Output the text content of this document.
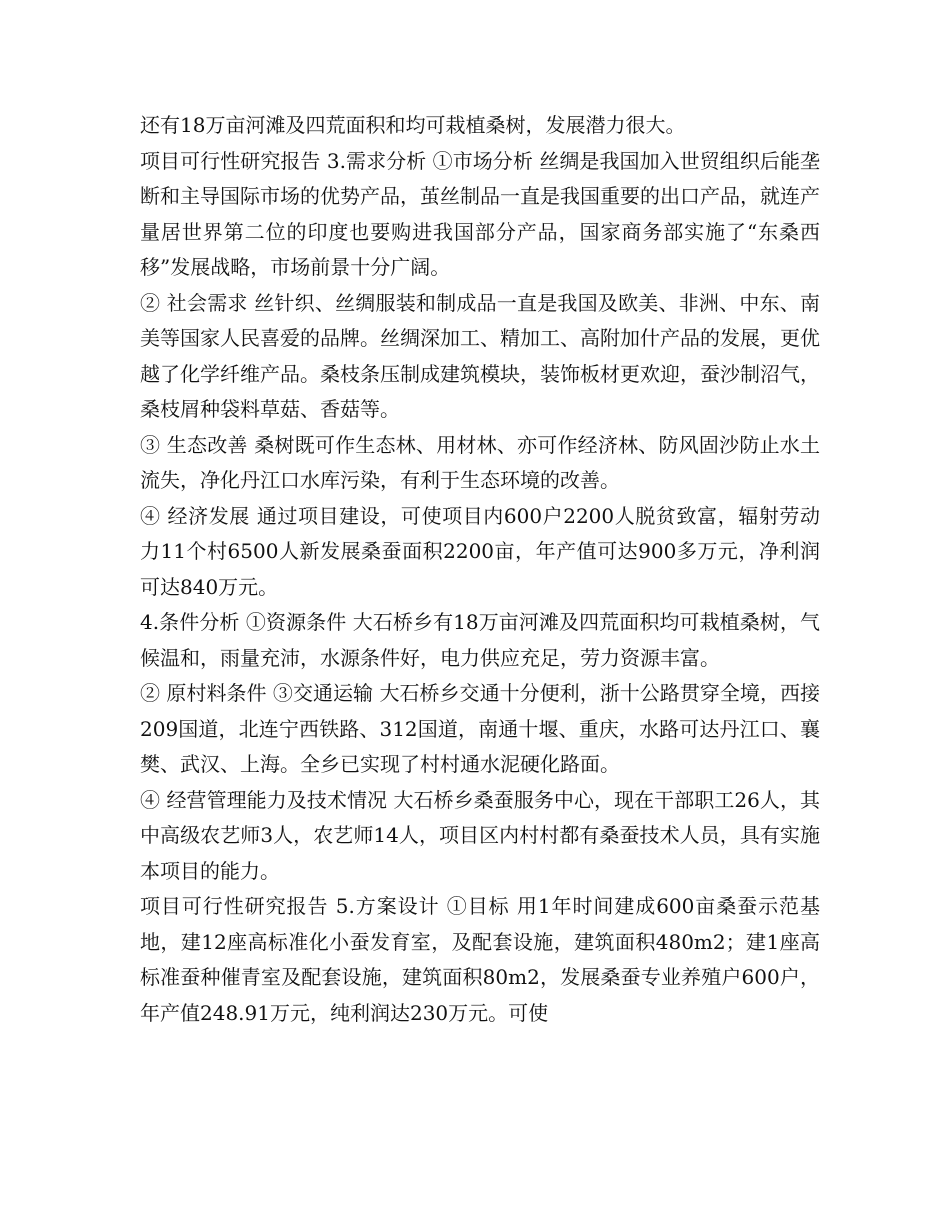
还有18万亩河滩及四荒面积和均可栽植桑树，发展潜力很大。

项目可行性研究报告 3.需求分析 ①市场分析 丝绸是我国加入世贸组织后能垄断和主导国际市场的优势产品，茧丝制品一直是我国重要的出口产品，就连产量居世界第二位的印度也要购进我国部分产品，国家商务部实施了“东桑西移”发展战略，市场前景十分广阔。

② 社会需求 丝针织、丝绸服装和制成品一直是我国及欧美、非洲、中东、南美等国家人民喜爱的品牌。丝绸深加工、精加工、高附加什产品的发展，更优越了化学纤维产品。桑枝条压制成建筑模块，装饰板材更欢迎，蚕沙制沼气，桑枝屑种袋料草菇、香菇等。

③ 生态改善 桑树既可作生态林、用材林、亦可作经济林、防风固沙防止水土流失，净化丹江口水库污染，有利于生态环境的改善。

④ 经济发展 通过项目建设，可使项目内600户2200人脱贫致富，辐射劳动力11个村6500人新发展桑蚕面积2200亩，年产值可达900多万元，净利润可达840万元。

4.条件分析 ①资源条件 大石桥乡有18万亩河滩及四荒面积均可栽植桑树，气候温和，雨量充沛，水源条件好，电力供应充足，劳力资源丰富。

② 原村料条件 ③交通运输 大石桥乡交通十分便利，浙十公路贯穿全境，西接209国道，北连宁西铁路、312国道，南通十堰、重庆，水路可达丹江口、襄樊、武汉、上海。全乡已实现了村村通水泥硬化路面。

④ 经营管理能力及技术情况 大石桥乡桑蚕服务中心，现在干部职工26人，其中高级农艺师3人，农艺师14人，项目区内村村都有桑蚕技术人员，具有实施本项目的能力。

项目可行性研究报告 5.方案设计 ①目标 用1年时间建成600亩桑蚕示范基地，建12座高标准化小蚕发育室，及配套设施，建筑面积480m2；建1座高标准蚕种催青室及配套设施，建筑面积80m2，发展桑蚕专业养殖户600户，年产值248.91万元，纯利润达230万元。可使
